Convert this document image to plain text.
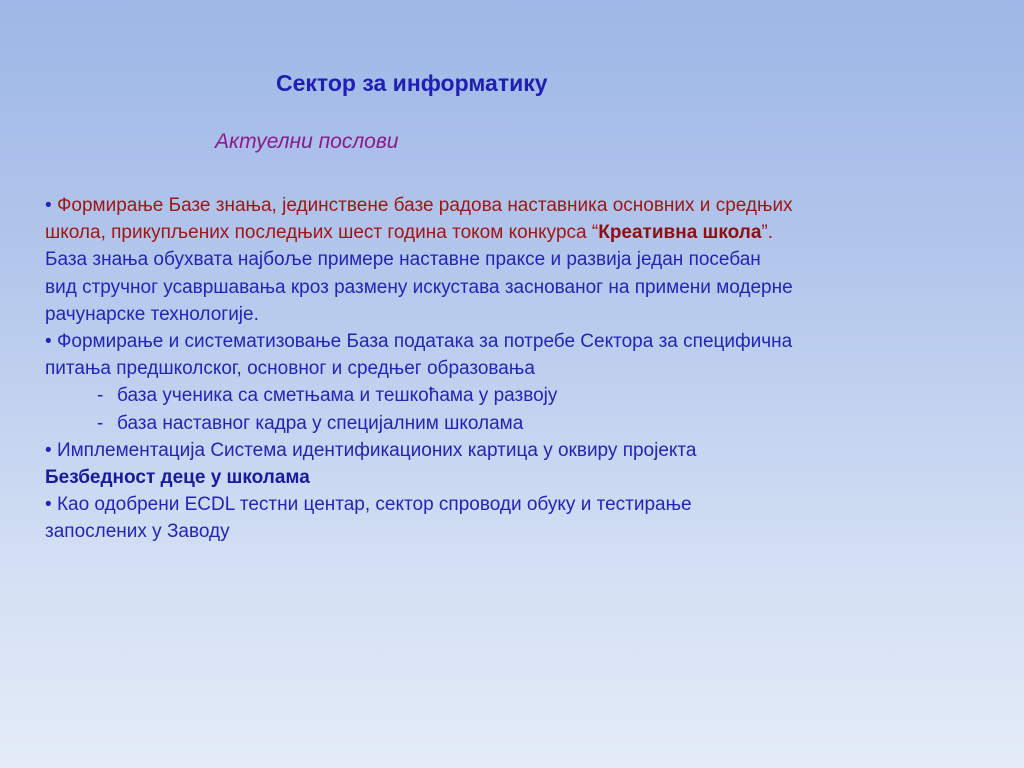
Сектор за информатику
Актуелни послови
• Формирање Базе знања, јединствене базе радова наставника основних и средњих
школа, прикупљених последњих шест година током конкурса “Креативна школа”.
База знања обухвата најбоље примере наставне праксе и развија један посебан
вид стручног усавршавања кроз размену искустава заснованог на примени модерне
рачунарске технологије.
• Формирање и систематизовање База података за потребе Сектора за специфична
питања предшколског, основног и средњег образовања
- база ученика са сметњама и тешкоћама у развоју
- база наставног кадра у специјалним школама
• Имплементација Система идентификационих картица у оквиру пројекта
Безбедност деце у школама
• Као одобрени ECDL тестни центар, сектор спроводи обуку и тестирање
запослених у Заводу
